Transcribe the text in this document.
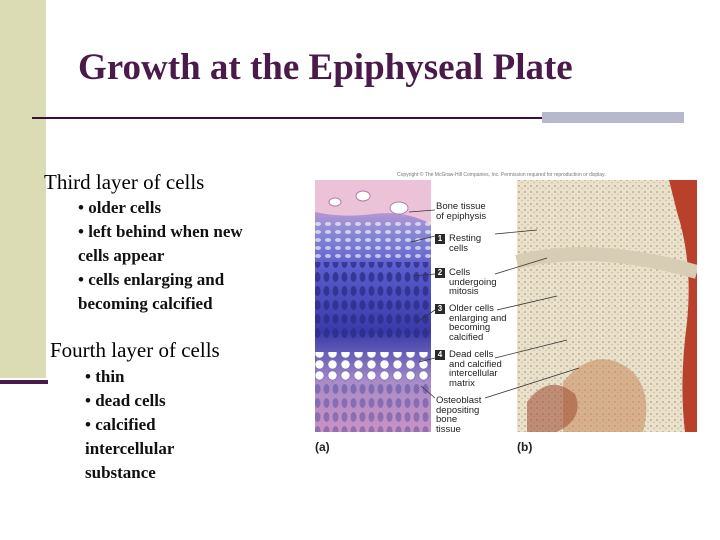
Growth at the Epiphyseal Plate
Third layer of cells
• older cells
• left behind when new
cells appear
• cells enlarging and
becoming calcified
Fourth layer of cells
• thin
• dead cells
• calcified
intercellular
substance
Copyright © The McGraw-Hill Companies, Inc. Permission required for reproduction or display.
Bone tissue
of epiphysis
1 Resting
cells
2 Cells
undergoing
mitosis
3 Older cells
enlarging and
becoming
calcified
4 Dead cells
and calcified
intercellular
matrix
Osteoblast
depositing
bone
tissue
(a)	(b)
